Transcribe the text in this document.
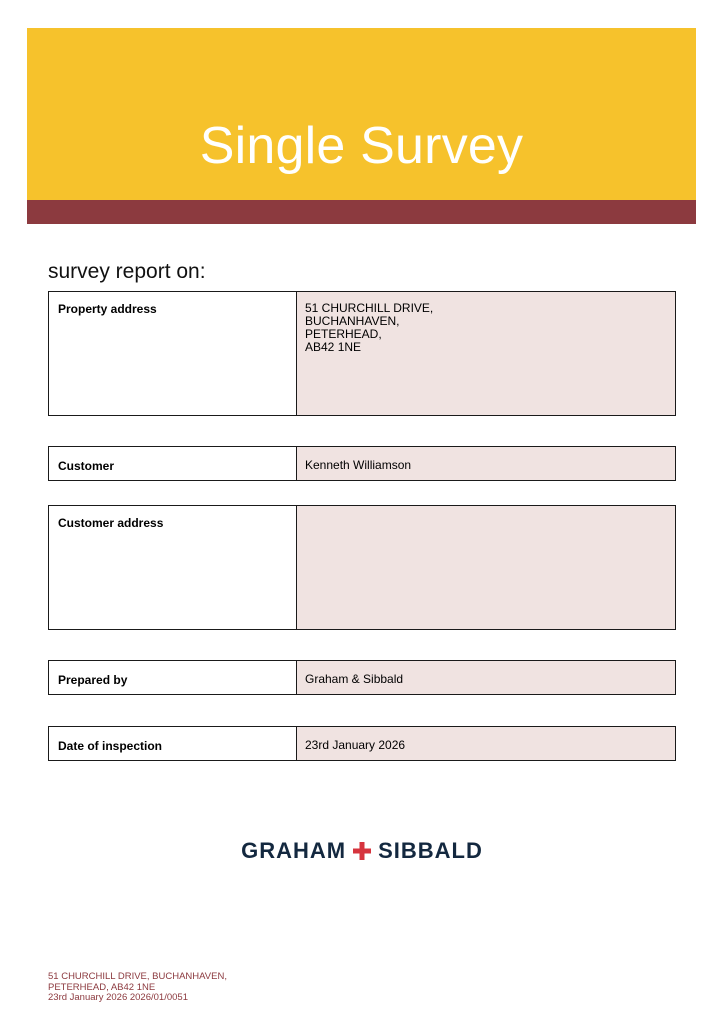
Single Survey
survey report on:
Property address	51 CHURCHILL DRIVE,
BUCHANHAVEN,
PETERHEAD,
AB42 1NE
Customer	Kenneth Williamson
Customer address
Prepared by	Graham & Sibbald
Date of inspection	23rd January 2026
GRAHAM SIBBALD
51 CHURCHILL DRIVE, BUCHANHAVEN,
PETERHEAD, AB42 1NE
23rd January 2026 2026/01/0051
